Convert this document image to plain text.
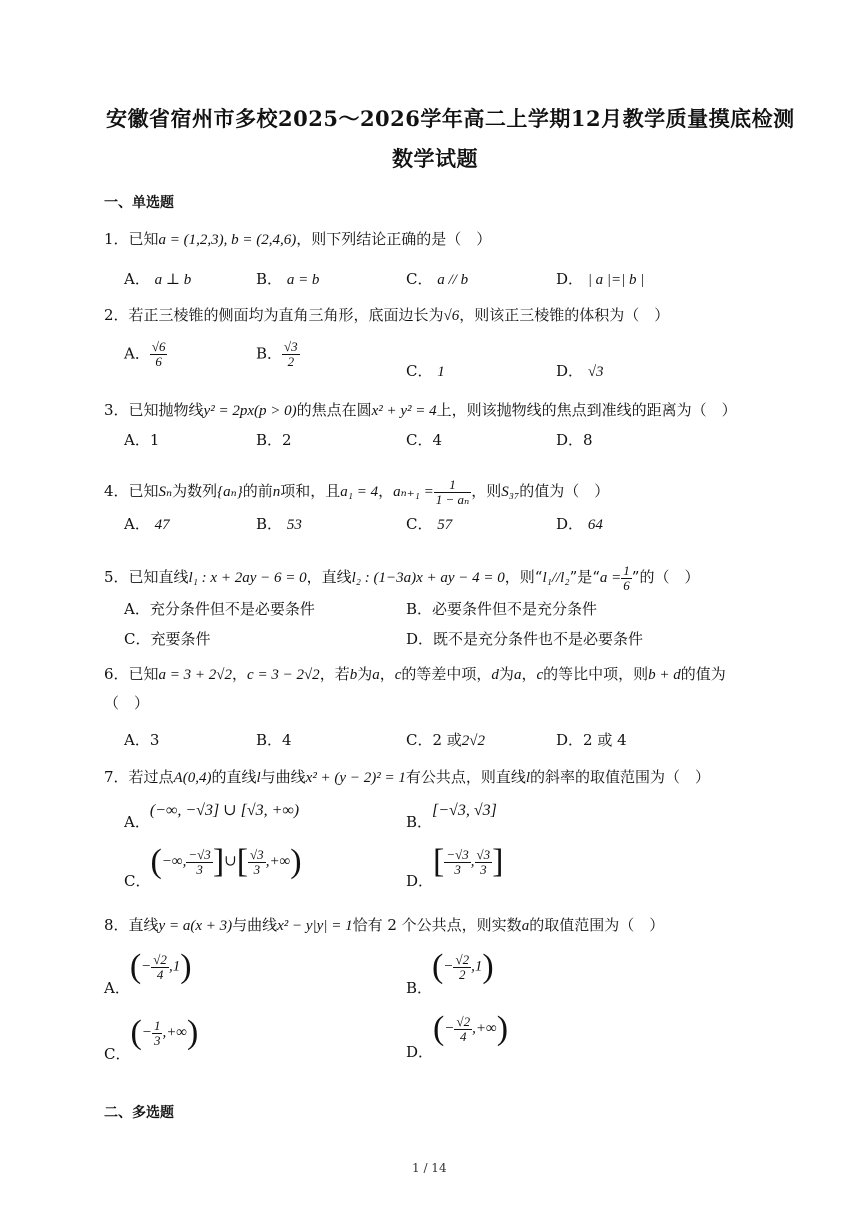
安徽省宿州市多校2025～2026学年高二上学期12月教学质量摸底检测
数学试题
一、单选题
1．已知a = (1,2,3), b = (2,4,6)，则下列结论正确的是（　）
A． a ⊥ b	B． a = b	C． a // b	D． | a |=| b |
2．若正三棱锥的侧面均为直角三角形，底面边长为√6，则该正三棱锥的体积为（　）
A． $\frac{√6}{6}$	B． $\frac{√3}{2}$
C． 1	D． √3
3．已知抛物线y² = 2px(p > 0)的焦点在圆x² + y² = 4上，则该抛物线的焦点到准线的距离为（　）
A．1	B．2	C．4	D．8
4．已知Sₙ为数列{aₙ}的前n项和，且a₁ = 4，$a_{n+1} = \frac{1}{\text{1 − aₙ}}$ ，则S₃₇的值为（　）
A． 47	B． 53	C． 57	D． 64
5．已知直线l₁ : x + 2ay − 6 = 0，直线l₂ : (1−3a)x + ay − 4 = 0，则“l₁//l₂”是“$a = \frac{1}{6}$ ”的（　）
A．充分条件但不是必要条件	B．必要条件但不是充分条件
C．充要条件	D．既不是充分条件也不是必要条件
6．已知a = 3 + 2√2，c = 3 − 2√2，若b为a，c的等差中项，d为a，c的等比中项，则b + d的值为
（　）
A．3	B．4	C．2 或2√2	D．2 或 4
7．若过点A(0,4)的直线l与曲线x² + (y − 2)² = 1有公共点，则直线l的斜率的取值范围为（　）
A．(−∞, −√3] ∪ [√3, +∞)
B．[−√3, √3]
C．(−∞, $\frac{-√3}{3}$ ]∪[ $\frac{√3}{3}$ ,+∞)
D．[ $\frac{-√3}{3}$ , $\frac{√3}{3}$ ]
8．直线y = a(x + 3)与曲线x² − y|y| = 1恰有 2 个公共点，则实数a的取值范围为（　）
A．(− $\frac{√2}{4} ,1$)
B．(− $\frac{√2}{2} ,1$)
C．(− $\frac{1}{3}$ ,+∞)
D．(− $\frac{√2}{4}$ ,+∞)
二、多选题
1 / 14
